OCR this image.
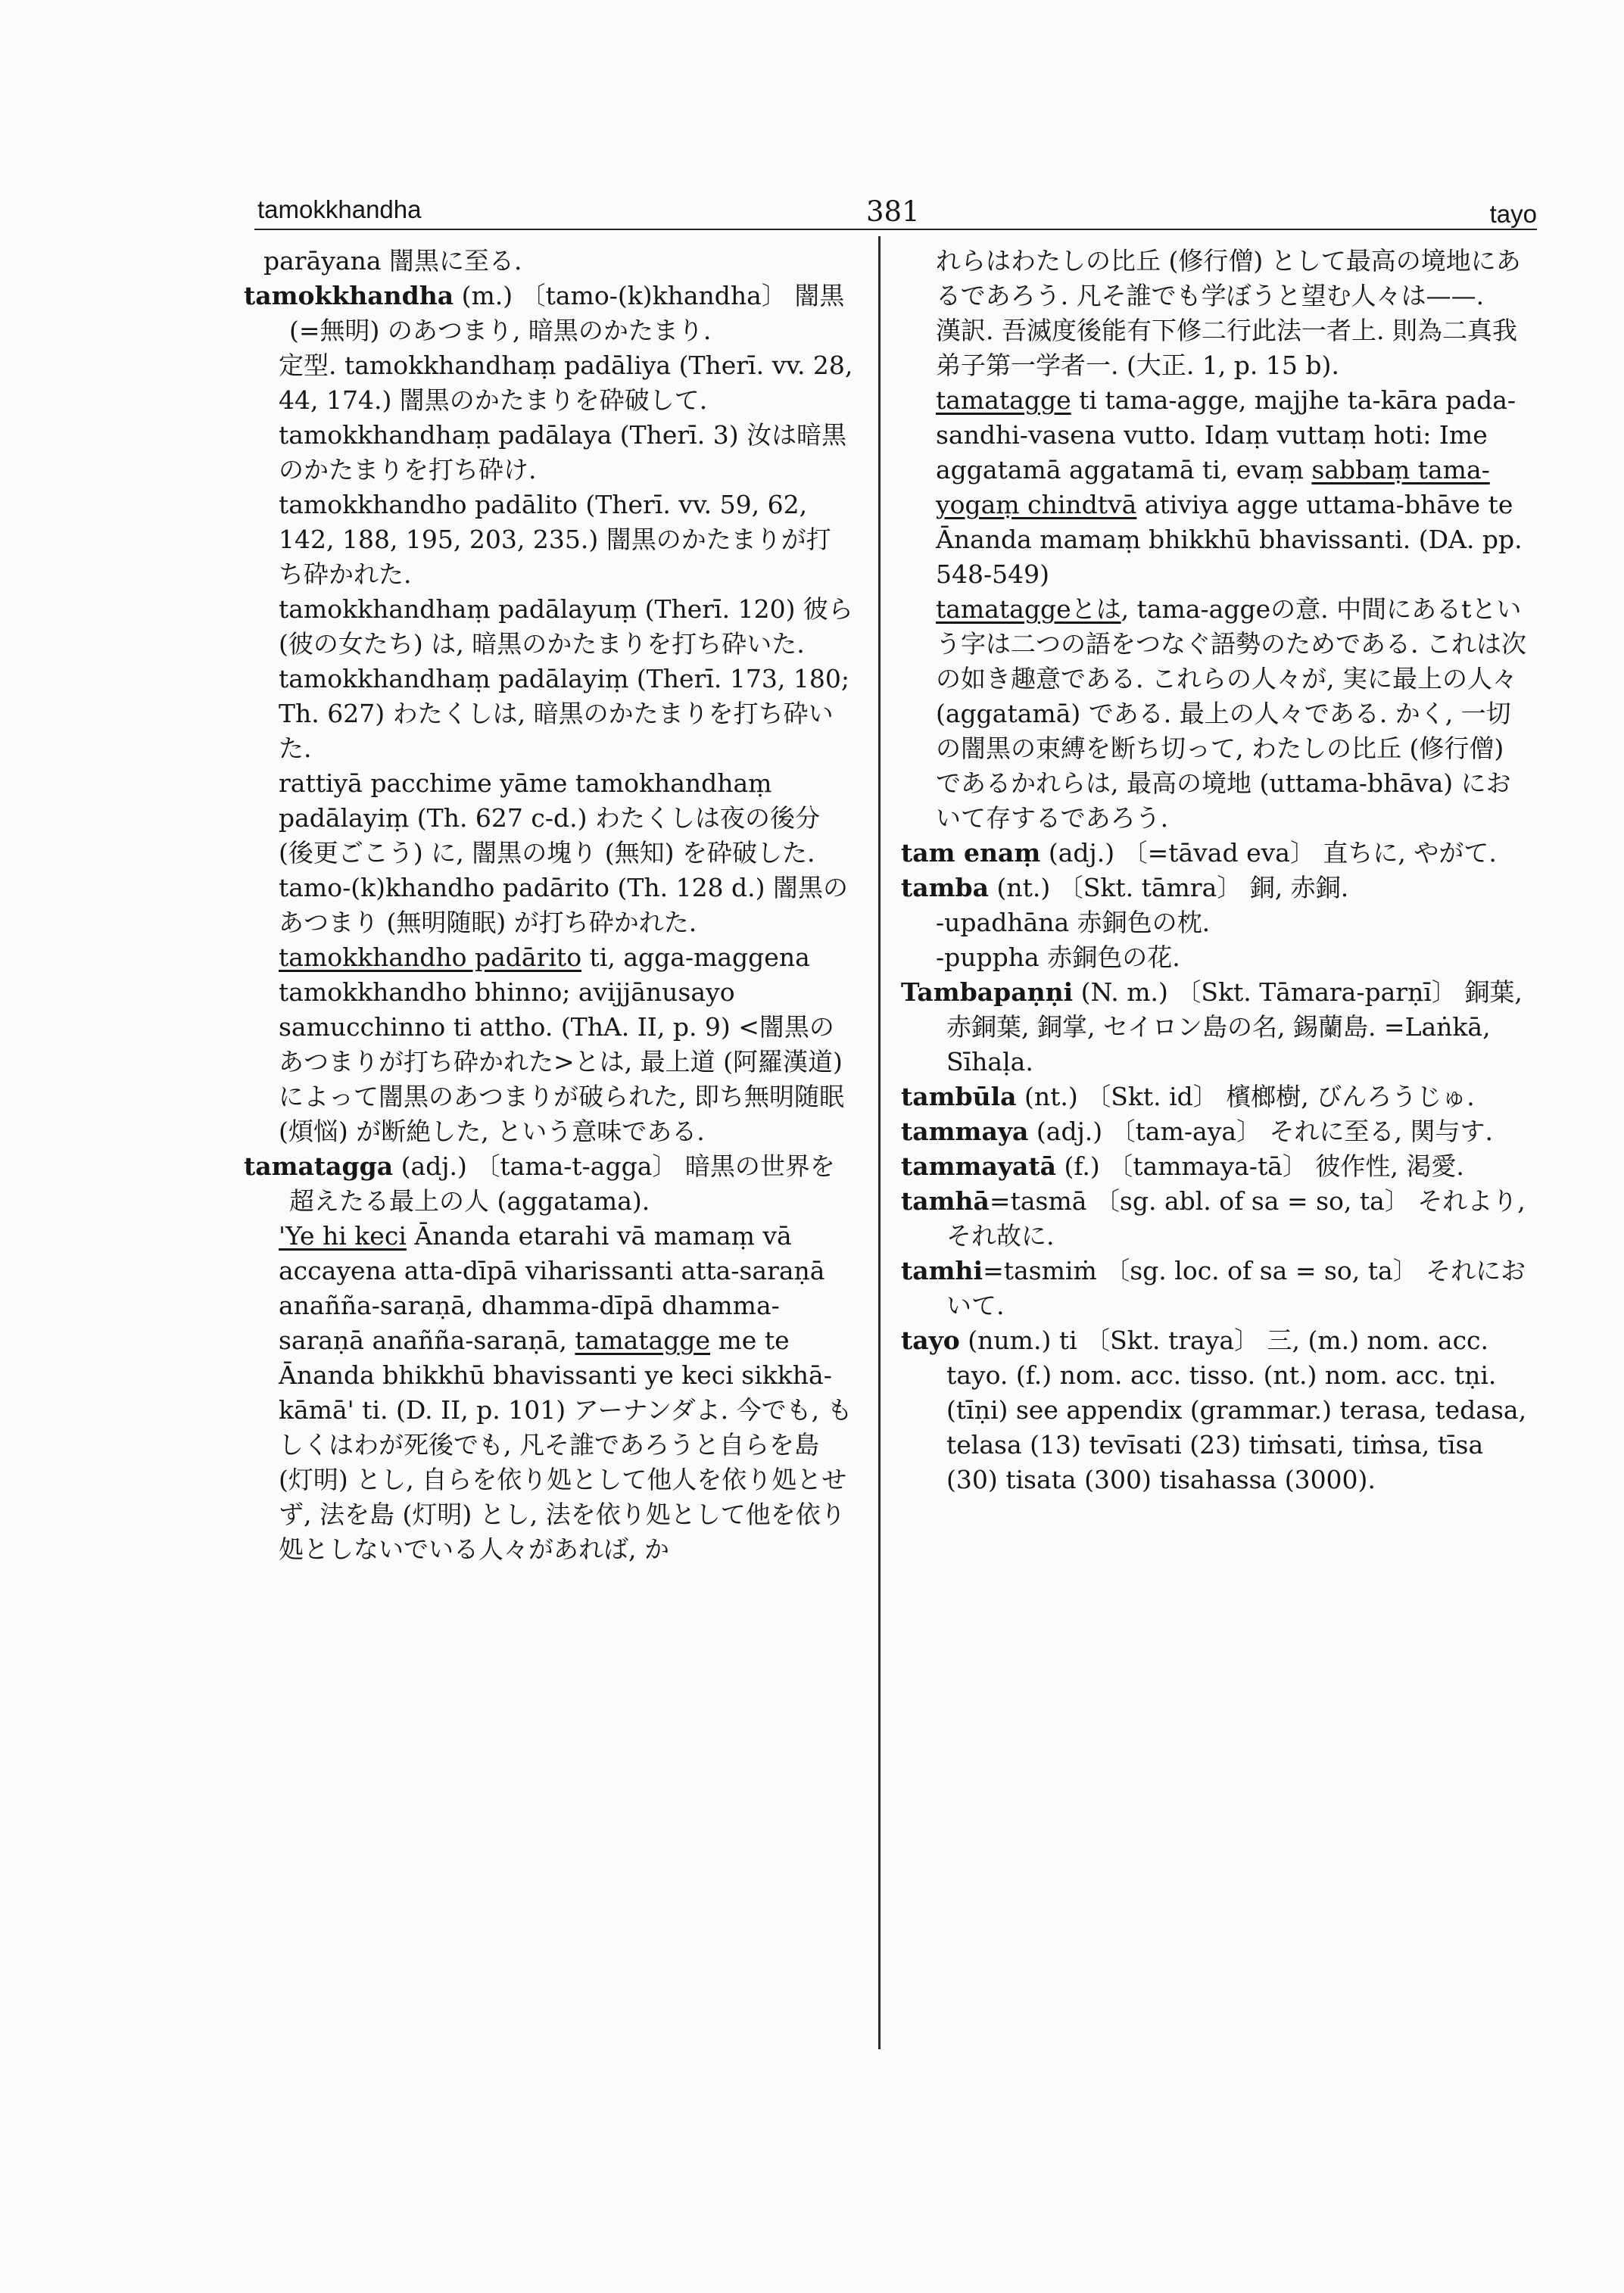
tamokkhandha	381	tayo

parāyana 闇黒に至る.

tamokkhandha (m.) 〔tamo-(k)khandha〕 闇黒 (=無明) のあつまり, 暗黒のかたまり.

定型. tamokkhandhaṃ padāliya (Therī. vv. 28, 44, 174.) 闇黒のかたまりを砕破して.

tamokkhandhaṃ padālaya (Therī. 3) 汝は暗黒のかたまりを打ち砕け.

tamokkhandho padālito (Therī. vv. 59, 62, 142, 188, 195, 203, 235.) 闇黒のかたまりが打ち砕かれた.

tamokkhandhaṃ padālayuṃ (Therī. 120) 彼ら (彼の女たち) は, 暗黒のかたまりを打ち砕いた.

tamokkhandhaṃ padālayiṃ (Therī. 173, 180; Th. 627) わたくしは, 暗黒のかたまりを打ち砕いた.

rattiyā pacchime yāme tamokhandhaṃ padālayiṃ (Th. 627 c-d.) わたくしは夜の後分 (後更ごこう) に, 闇黒の塊り (無知) を砕破した.

tamo-(k)khandho padārito (Th. 128 d.) 闇黒のあつまり (無明随眠) が打ち砕かれた.

tamokkhandho padārito ti, agga-maggena tamokkhandho bhinno; avijjānusayo samucchinno ti attho. (ThA. II, p. 9) <闇黒のあつまりが打ち砕かれた>とは, 最上道 (阿羅漢道) によって闇黒のあつまりが破られた, 即ち無明随眠 (煩悩) が断絶した, という意味である.

tamatagga (adj.) 〔tama-t-agga〕 暗黒の世界を超えたる最上の人 (aggatama).

'Ye hi keci Ānanda etarahi vā mamaṃ vā accayena atta-dīpā viharissanti atta-saraṇā anañña-saraṇā, dhamma-dīpā dhamma-saraṇā anañña-saraṇā, tamatagge me te Ānanda bhikkhū bhavissanti ye keci sikkhā-kāmā' ti. (D. II, p. 101) アーナンダよ. 今でも, もしくはわが死後でも, 凡そ誰であろうと自らを島 (灯明) とし, 自らを依り処として他人を依り処とせず, 法を島 (灯明) とし, 法を依り処として他を依り処としないでいる人々があれば, か

れらはわたしの比丘 (修行僧) として最高の境地にあるであろう. 凡そ誰でも学ぼうと望む人々は——.

漢訳. 吾滅度後能有下修二行此法一者上. 則為二真我弟子第一学者一. (大正. 1, p. 15 b).

tamatagge ti tama-agge, majjhe ta-kāra pada-sandhi-vasena vutto. Idaṃ vuttaṃ hoti: Ime aggatamā aggatamā ti, evaṃ sabbaṃ tama-yogaṃ chindtvā ativiya agge uttama-bhāve te Ānanda mamaṃ bhikkhū bhavissanti. (DA. pp. 548-549)

tamataggeとは, tama-aggeの意. 中間にあるtという字は二つの語をつなぐ語勢のためである. これは次の如き趣意である. これらの人々が, 実に最上の人々 (aggatamā) である. 最上の人々である. かく, 一切の闇黒の束縛を断ち切って, わたしの比丘 (修行僧) であるかれらは, 最高の境地 (uttama-bhāva) において存するであろう.

tam enaṃ (adj.) 〔=tāvad eva〕 直ちに, やがて.

tamba (nt.) 〔Skt. tāmra〕 銅, 赤銅.

-upadhāna 赤銅色の枕.

-puppha 赤銅色の花.

Tambapaṇṇi (N. m.) 〔Skt. Tāmara-parṇī〕 銅葉, 赤銅葉, 銅掌, セイロン島の名, 錫蘭島. =Laṅkā, Sīhaḷa.

tambūla (nt.) 〔Skt. id〕 檳榔樹, びんろうじゅ.

tammaya (adj.) 〔tam-aya〕 それに至る, 関与す.

tammayatā (f.) 〔tammaya-tā〕 彼作性, 渇愛.

tamhā=tasmā 〔sg. abl. of sa = so, ta〕 それより, それ故に.

tamhi=tasmiṁ 〔sg. loc. of sa = so, ta〕 それにおいて.

tayo (num.) ti 〔Skt. traya〕 三, (m.) nom. acc. tayo. (f.) nom. acc. tisso. (nt.) nom. acc. tṇi. (tīṇi) see appendix (grammar.) terasa, tedasa, telasa (13) tevīsati (23) tiṁsati, tiṁsa, tīsa (30) tisata (300) tisahassa (3000).
